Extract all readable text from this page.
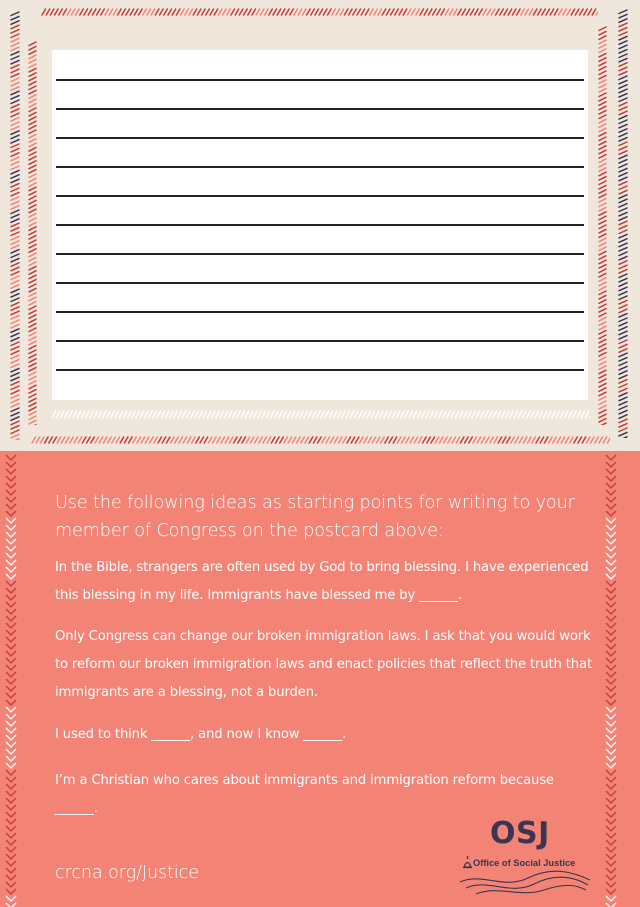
Use the following ideas as starting points for writing to your member of Congress on the postcard above:
In the Bible, strangers are often used by God to bring blessing. I have experienced this blessing in my life. Immigrants have blessed me by ______.
Only Congress can change our broken immigration laws. I ask that you would work to reform our broken immigration laws and enact policies that reflect the truth that immigrants are a blessing, not a burden.
I used to think ______, and now I know ______.
I’m a Christian who cares about immigrants and immigration reform because ______.
crcna.org/Justice
OSJ
Office of Social Justice
